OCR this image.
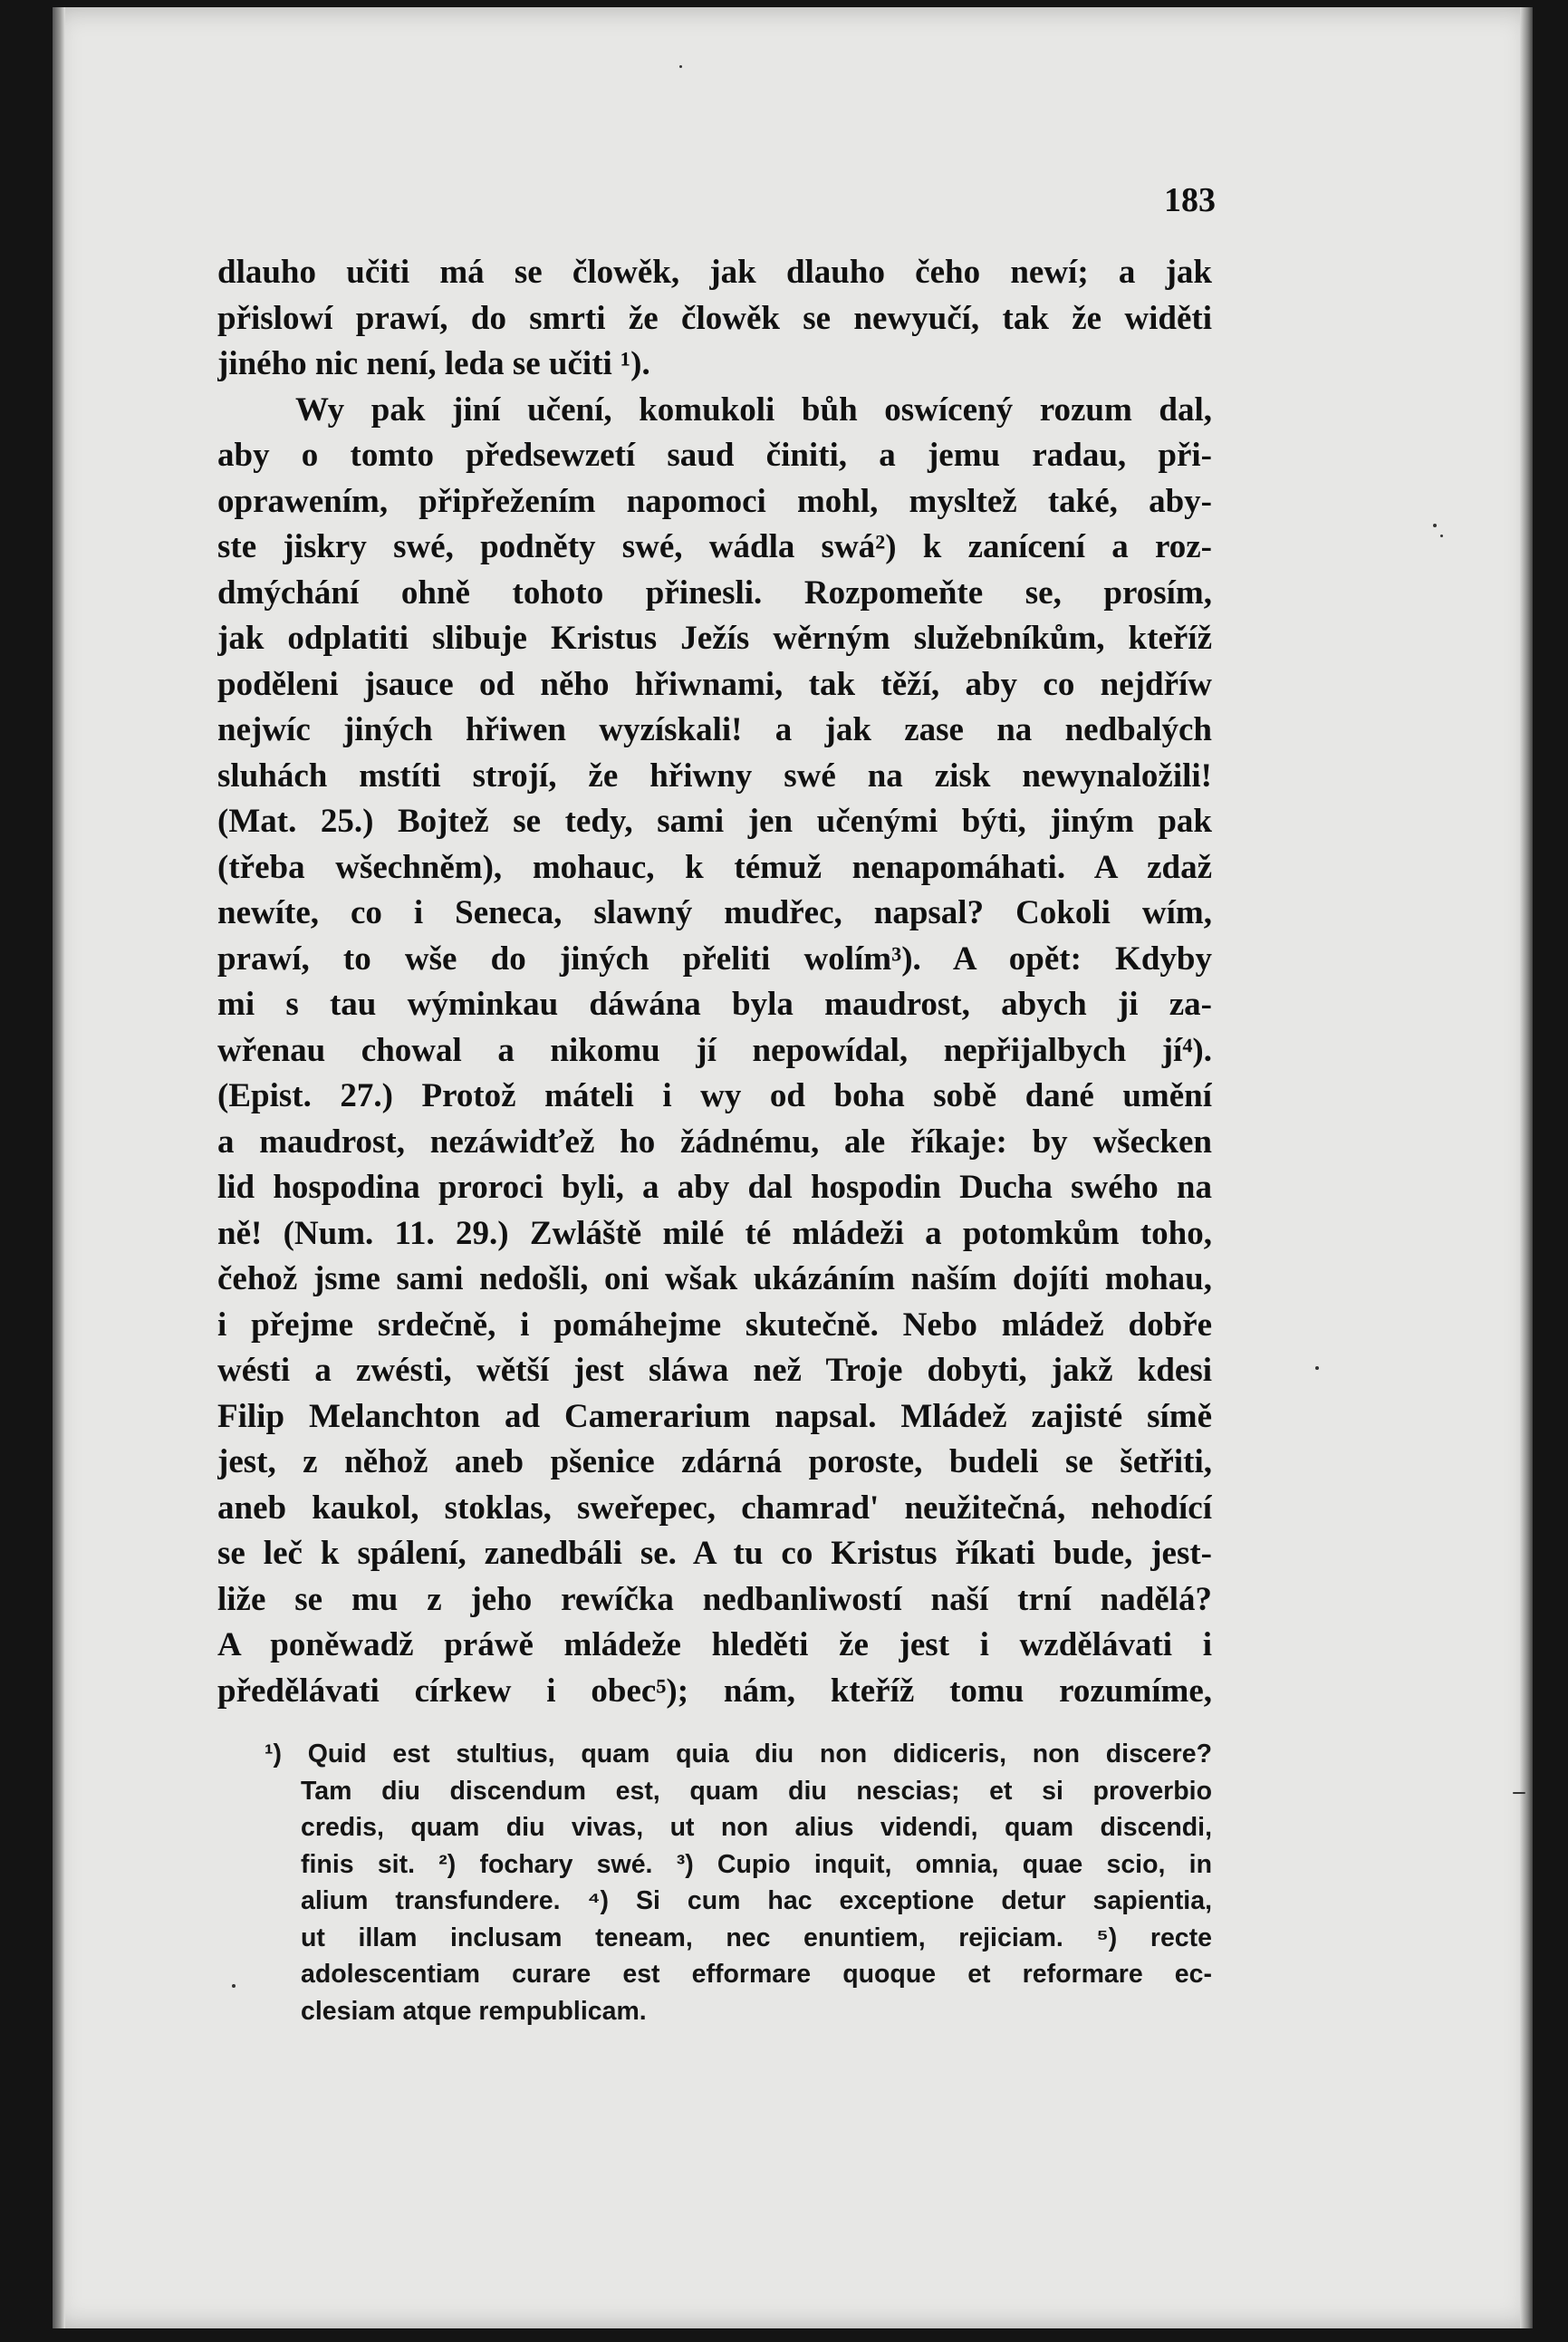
183
dlauho učiti má se člowěk, jak dlauho čeho newí; a jak
přislowí prawí, do smrti že člowěk se newyučí, tak že widěti
jiného nic není, leda se učiti ¹).
Wy pak jiní učení, komukoli bůh oswícený rozum dal,
aby o tomto předsewzetí saud činiti, a jemu radau, při-
oprawením, připřežením napomoci mohl, mysltež také, aby-
ste jiskry swé, podněty swé, wádla swá²) k zanícení a roz-
dmýchání ohně tohoto přinesli. Rozpomeňte se, prosím,
jak odplatiti slibuje Kristus Ježís wěrným služebníkům, kteříž
poděleni jsauce od něho hřiwnami, tak těží, aby co nejdříw
nejwíc jiných hřiwen wyzískali! a jak zase na nedbalých
sluhách mstíti strojí, že hřiwny swé na zisk newynaložili!
(Mat. 25.) Bojtež se tedy, sami jen učenými býti, jiným pak
(třeba wšechněm), mohauc, k témuž nenapomáhati. A zdaž
newíte, co i Seneca, slawný mudřec, napsal? Cokoli wím,
prawí, to wše do jiných přeliti wolím³). A opět: Kdyby
mi s tau wýminkau dáwána byla maudrost, abych ji za-
wřenau chowal a nikomu jí nepowídal, nepřijalbych jí⁴).
(Epist. 27.) Protož máteli i wy od boha sobě dané umění
a maudrost, nezáwidťež ho žádnému, ale říkaje: by wšecken
lid hospodina proroci byli, a aby dal hospodin Ducha swého na
ně! (Num. 11. 29.) Zwláště milé té mládeži a potomkům toho,
čehož jsme sami nedošli, oni wšak ukázáním naším dojíti mohau,
i přejme srdečně, i pomáhejme skutečně. Nebo mládež dobře
wésti a zwésti, wětší jest sláwa než Troje dobyti, jakž kdesi
Filip Melanchton ad Camerarium napsal. Mládež zajisté símě
jest, z něhož aneb pšenice zdárná poroste, budeli se šetřiti,
aneb kaukol, stoklas, sweřepec, chamrad' neužitečná, nehodící
se leč k spálení, zanedbáli se. A tu co Kristus říkati bude, jest-
liže se mu z jeho rewíčka nedbanliwostí naší trní nadělá?
A poněwadž práwě mládeže hleděti že jest i wzdělávati i
předělávati církew i obec⁵); nám, kteříž tomu rozumíme,
¹) Quid est stultius, quam quia diu non didiceris, non discere?
Tam diu discendum est, quam diu nescias; et si proverbio
credis, quam diu vivas, ut non alius videndi, quam discendi,
finis sit. ²) fochary swé. ³) Cupio inquit, omnia, quae scio, in
alium transfundere. ⁴) Si cum hac exceptione detur sapientia,
ut illam inclusam teneam, nec enuntiem, rejiciam. ⁵) recte
adolescentiam curare est efformare quoque et reformare ec-
clesiam atque rempublicam.
